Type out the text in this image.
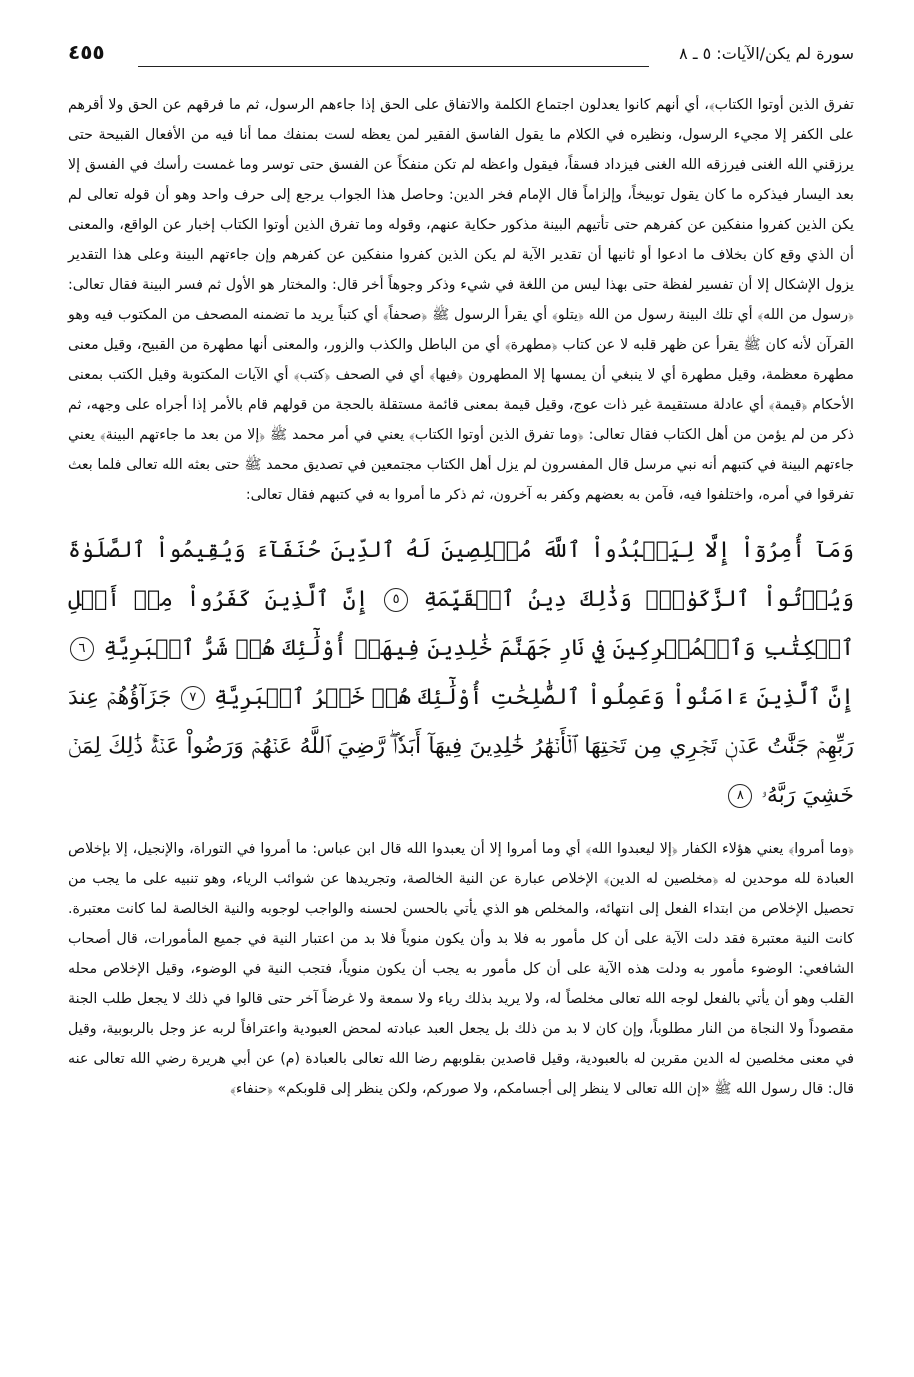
سورة لم يكن/الآيات: ٥ ـ ٨
٤٥٥

تفرق الذين أوتوا الكتاب﴾، أي أنهم كانوا يعدلون اجتماع الكلمة والاتفاق على الحق إذا جاءهم الرسول، ثم ما فرقهم عن الحق ولا أقرهم على الكفر إلا مجيء الرسول، ونظيره في الكلام ما يقول الفاسق الفقير لمن يعظه لست بمنفك مما أنا فيه من الأفعال القبيحة حتى يرزقني الله الغنى فيرزقه الله الغنى فيزداد فسقاً، فيقول واعظه لم تكن منفكاً عن الفسق حتى توسر وما غمست رأسك في الفسق إلا بعد اليسار فيذكره ما كان يقول توبيخاً، وإلزاماً قال الإمام فخر الدين: وحاصل هذا الجواب يرجع إلى حرف واحد وهو أن قوله تعالى لم يكن الذين كفروا منفكين عن كفرهم حتى تأتيهم البينة مذكور حكاية عنهم، وقوله وما تفرق الذين أوتوا الكتاب إخبار عن الواقع، والمعنى أن الذي وقع كان بخلاف ما ادعوا أو ثانيها أن تقدير الآية لم يكن الذين كفروا منفكين عن كفرهم وإن جاءتهم البينة وعلى هذا التقدير يزول الإشكال إلا أن تفسير لفظة حتى بهذا ليس من اللغة في شيء وذكر وجوهاً أخر قال: والمختار هو الأول ثم فسر البينة فقال تعالى: ﴿رسول من الله﴾ أي تلك البينة رسول من الله ﴿يتلو﴾ أي يقرأ الرسول ﷺ ﴿صحفاً﴾ أي كتباً يريد ما تضمنه المصحف من المكتوب فيه وهو القرآن لأنه كان ﷺ يقرأ عن ظهر قلبه لا عن كتاب ﴿مطهرة﴾ أي من الباطل والكذب والزور، والمعنى أنها مطهرة من القبيح، وقيل معنى مطهرة معظمة، وقيل مطهرة أي لا ينبغي أن يمسها إلا المطهرون ﴿فيها﴾ أي في الصحف ﴿كتب﴾ أي الآيات المكتوبة وقيل الكتب بمعنى الأحكام ﴿قيمة﴾ أي عادلة مستقيمة غير ذات عوج، وقيل قيمة بمعنى قائمة مستقلة بالحجة من قولهم قام بالأمر إذا أجراه على وجهه، ثم ذكر من لم يؤمن من أهل الكتاب فقال تعالى: ﴿وما تفرق الذين أوتوا الكتاب﴾ يعني في أمر محمد ﷺ ﴿إلا من بعد ما جاءتهم البينة﴾ يعني جاءتهم البينة في كتبهم أنه نبي مرسل قال المفسرون لم يزل أهل الكتاب مجتمعين في تصديق محمد ﷺ حتى بعثه الله تعالى فلما بعث تفرقوا في أمره، واختلفوا فيه، فآمن به بعضهم وكفر به آخرون، ثم ذكر ما أمروا به في كتبهم فقال تعالى:

وَمَآ أُمِرُوٓاْ إِلَّا لِيَعۡبُدُواْ ٱللَّهَ مُخۡلِصِينَ لَهُ ٱلدِّينَ حُنَفَآءَ وَيُقِيمُواْ ٱلصَّلَوٰةَ وَيُؤۡتُواْ ٱلزَّكَوٰةَۚ وَذَٰلِكَ دِينُ ٱلۡقَيِّمَةِ ٥ إِنَّ ٱلَّذِينَ كَفَرُواْ مِنۡ أَهۡلِ ٱلۡكِتَٰبِ وَٱلۡمُشۡرِكِينَ فِي نَارِ جَهَنَّمَ خَٰلِدِينَ فِيهَآۚ أُوْلَٰٓئِكَ هُمۡ شَرُّ ٱلۡبَرِيَّةِ ٦ إِنَّ ٱلَّذِينَ ءَامَنُواْ وَعَمِلُواْ ٱلصَّٰلِحَٰتِ أُوْلَٰٓئِكَ هُمۡ خَيۡرُ ٱلۡبَرِيَّةِ ٧ جَزَآؤُهُمۡ عِندَ رَبِّهِمۡ جَنَّٰتُ عَدۡنٖ تَجۡرِي مِن تَحۡتِهَا ٱلۡأَنۡهَٰرُ خَٰلِدِينَ فِيهَآ أَبَدٗاۖ رَّضِيَ ٱللَّهُ عَنۡهُمۡ وَرَضُواْ عَنۡهُۚ ذَٰلِكَ لِمَنۡ خَشِيَ رَبَّهُۥ ٨

﴿وما أمروا﴾ يعني هؤلاء الكفار ﴿إلا ليعبدوا الله﴾ أي وما أمروا إلا أن يعبدوا الله قال ابن عباس: ما أمروا في التوراة، والإنجيل، إلا بإخلاص العبادة لله موحدين له ﴿مخلصين له الدين﴾ الإخلاص عبارة عن النية الخالصة، وتجريدها عن شوائب الرياء، وهو تنبيه على ما يجب من تحصيل الإخلاص من ابتداء الفعل إلى انتهائه، والمخلص هو الذي يأتي بالحسن لحسنه والواجب لوجوبه والنية الخالصة لما كانت معتبرة. كانت النية معتبرة فقد دلت الآية على أن كل مأمور به فلا بد وأن يكون منوياً فلا بد من اعتبار النية في جميع المأمورات، قال أصحاب الشافعي: الوضوء مأمور به ودلت هذه الآية على أن كل مأمور به يجب أن يكون منوياً، فتجب النية في الوضوء، وقيل الإخلاص محله القلب وهو أن يأتي بالفعل لوجه الله تعالى مخلصاً له، ولا يريد بذلك رياء ولا سمعة ولا غرضاً آخر حتى قالوا في ذلك لا يجعل طلب الجنة مقصوداً ولا النجاة من النار مطلوباً، وإن كان لا بد من ذلك بل يجعل العبد عبادته لمحض العبودية واعترافاً لربه عز وجل بالربوبية، وقيل في معنى مخلصين له الدين مقرين له بالعبودية، وقيل قاصدين بقلوبهم رضا الله تعالى بالعبادة (م) عن أبي هريرة رضي الله تعالى عنه قال: قال رسول الله ﷺ «إن الله تعالى لا ينظر إلى أجسامكم، ولا صوركم، ولكن ينظر إلى قلوبكم» ﴿حنفاء﴾
